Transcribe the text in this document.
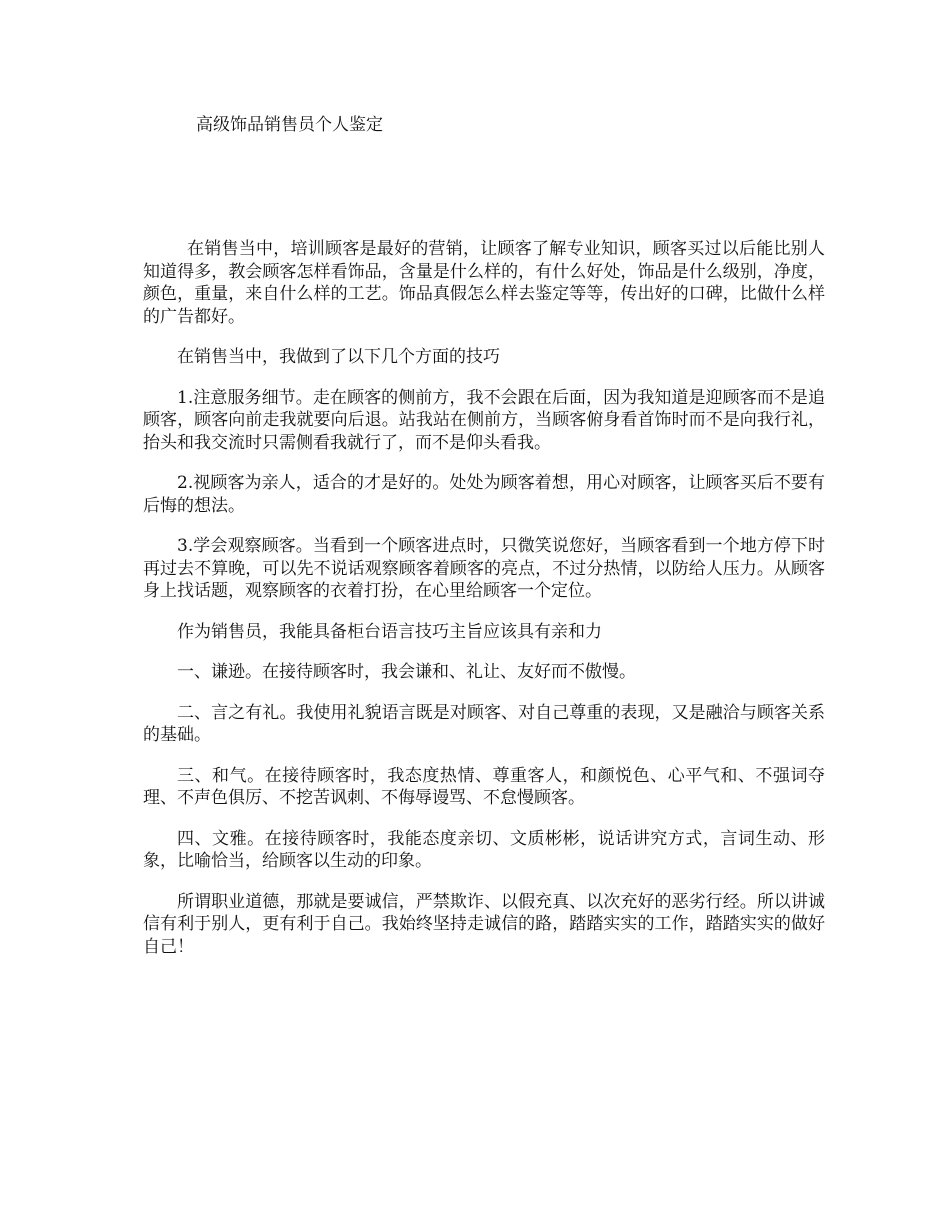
高级饰品销售员个人鉴定

在销售当中，培训顾客是最好的营销，让顾客了解专业知识，顾客买过以后能比别人知道得多，教会顾客怎样看饰品，含量是什么样的，有什么好处，饰品是什么级别，净度，颜色，重量，来自什么样的工艺。饰品真假怎么样去鉴定等等，传出好的口碑，比做什么样的广告都好。

在销售当中，我做到了以下几个方面的技巧

1.注意服务细节。走在顾客的侧前方，我不会跟在后面，因为我知道是迎顾客而不是追顾客，顾客向前走我就要向后退。站我站在侧前方，当顾客俯身看首饰时而不是向我行礼，抬头和我交流时只需侧看我就行了，而不是仰头看我。

2.视顾客为亲人，适合的才是好的。处处为顾客着想，用心对顾客，让顾客买后不要有后悔的想法。

3.学会观察顾客。当看到一个顾客进点时，只微笑说您好，当顾客看到一个地方停下时再过去不算晚，可以先不说话观察顾客着顾客的亮点，不过分热情，以防给人压力。从顾客身上找话题，观察顾客的衣着打扮，在心里给顾客一个定位。

作为销售员，我能具备柜台语言技巧主旨应该具有亲和力

一、谦逊。在接待顾客时，我会谦和、礼让、友好而不傲慢。

二、言之有礼。我使用礼貌语言既是对顾客、对自己尊重的表现，又是融洽与顾客关系的基础。

三、和气。在接待顾客时，我态度热情、尊重客人，和颜悦色、心平气和、不强词夺理、不声色俱厉、不挖苦讽刺、不侮辱谩骂、不怠慢顾客。

四、文雅。在接待顾客时，我能态度亲切、文质彬彬，说话讲究方式，言词生动、形象，比喻恰当，给顾客以生动的印象。

所谓职业道德，那就是要诚信，严禁欺诈、以假充真、以次充好的恶劣行经。所以讲诚信有利于别人，更有利于自己。我始终坚持走诚信的路，踏踏实实的工作，踏踏实实的做好自己！
